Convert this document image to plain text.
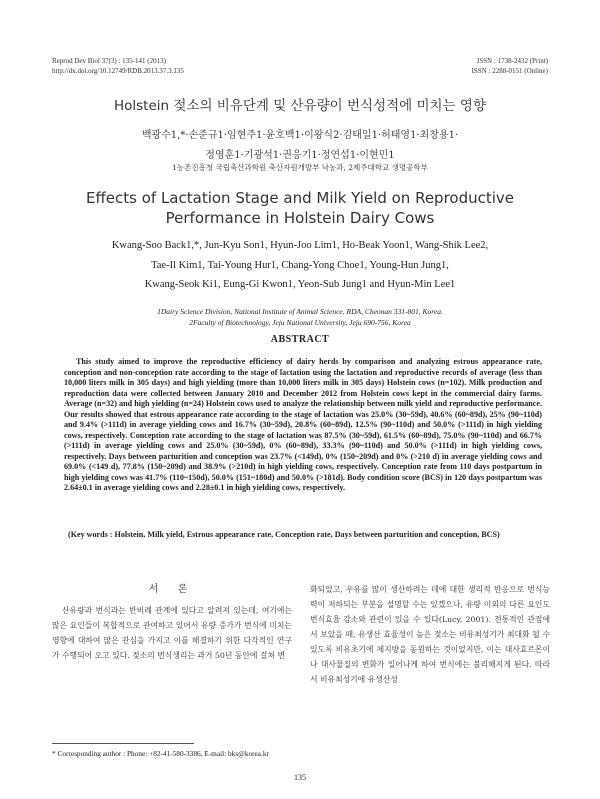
Reprod Dev Biol 37(3) : 135-141 (2013)
http://dx.doi.org/10.12749/RDB.2013.37.3.135
ISSN : 1738-2432 (Print)
ISSN : 2288-0151 (Online)
Holstein 젖소의 비유단계 및 산유량이 번식성적에 미치는 영향
백광수1,*·손준규1·임현주1·윤호백1·이왕식2·김태일1·허태영1·최창용1·
정영훈1·기광석1·권응기1·정연섭1·이현민1
1농촌진흥청 국립축산과학원 축산자원개발부 낙농과, 2제주대학교 생명공학부
Effects of Lactation Stage and Milk Yield on Reproductive
Performance in Holstein Dairy Cows
Kwang-Soo Back1,*, Jun-Kyu Son1, Hyun-Joo Lim1, Ho-Beak Yoon1, Wang-Shik Lee2,
Tae-Il Kim1, Tai-Young Hur1, Chang-Yong Choe1, Young-Hun Jung1,
Kwang-Seok Ki1, Eung-Gi Kwon1, Yeon-Sub Jung1 and Hyun-Min Lee1
1Dairy Science Division, National Institute of Animal Science, RDA, Cheonan 331-801, Korea.
2Faculty of Biotechnology, Jeju National University, Jeju 690-756, Korea
ABSTRACT
This study aimed to improve the reproductive efficiency of dairy herds by comparison and analyzing estrous appearance rate, conception and non-conception rate according to the stage of lactation using the lactation and reproductive records of average (less than 10,000 liters milk in 305 days) and high yielding (more than 10,000 liters milk in 305 days) Holstein cows (n=102). Milk production and reproduction data were collected between January 2010 and December 2012 from Holstein cows kept in the commercial dairy farms. Average (n=32) and high yielding (n=24) Holstein cows used to analyze the relationship between milk yield and reproductive performance. Our results showed that estrous appearance rate according to the stage of lactation was 25.0% (30~59d), 40.6% (60~89d), 25% (90~110d) and 9.4% (>111d) in average yielding cows and 16.7% (30~59d), 20.8% (60~89d), 12.5% (90~110d) and 50.0% (>111d) in high yielding cows, respectively. Conception rate according to the stage of lactation was 87.5% (30~59d), 61.5% (60~89d), 75.0% (90~110d) and 66.7% (>111d) in average yielding cows and 25.0% (30~59d), 0% (60~89d), 33.3% (90~110d) and 50.0% (>111d) in high yielding cows, respectively. Days between parturition and conception was 23.7% (<149d), 0% (150~209d) and 0% (>210 d) in average yielding cows and 69.0% (<149 d), 77.8% (150~209d) and 38.9% (>210d) in high yielding cows, respectively. Conception rate from 110 days postpartum in high yielding cows was 41.7% (110~150d), 50.0% (151~180d) and 50.0% (>181d). Body condition score (BCS) in 120 days postpartum was 2.64±0.1 in average yielding cows and 2.28±0.1 in high yielding cows, respectively.
(Key words : Holstein, Milk yield, Estrous appearance rate, Conception rate, Days between parturition and conception, BCS)
서 론
산유량과 번식과는 반비례 관계에 있다고 알려져 있는데, 여기에는 많은 요인들이 복합적으로 관여하고 있어서 유량 증가가 번식에 미치는 영향에 대하여 많은 관심을 가지고 이를 해결하기 위한 다각적인 연구가 수행되어 오고 있다. 젖소의 번식생리는 과거 50년 동안에 걸쳐 변
화되었고, 우유를 많이 생산하려는 데에 대한 생리적 반응으로 번식능력이 저하되는 부분을 설명할 수는 있겠으나, 유량 이외의 다른 요인도 번식효율 감소와 관련이 있을 수 있다(Lucy, 2001). 전통적인 관점에서 보았을 때, 유생산 효율성이 높은 젖소는 비유최성기가 최대화 될 수 있도록 비유초기에 체지방을 동원하는 것이었지만, 이는 대사효르몬이나 대사물질의 변화가 일어나게 하여 번식에는 불리해지게 된다. 따라서 비유최성기에 유생산성
* Corresponding author : Phone: +82-41-580-3386, E-mail: bks@korea.kr
135
